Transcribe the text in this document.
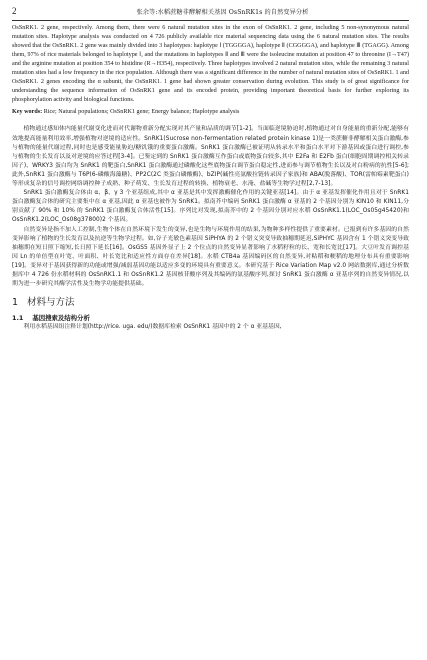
2	张余等:水稻蔗糖非酵解相关基因 OsSnRK1s 的自然变异分析

OsSnRK1. 2 gene, respectively. Among them, there were 6 natural mutation sites in the exon of OsSnRK1. 2 gene, including 5 non-synonymous natural mutation sites. Haplotype analysis was conducted on 4 726 publicly available rice material sequencing data using the 6 natural mutation sites. The results showed that the OsSnRK1. 2 gene was mainly divided into 3 haplotypes: haplotype Ⅰ (TGGGGA), haplotype Ⅱ (CGGGGA), and haplotype Ⅲ (TGAGG). Among them, 97% of rice materials belonged to haplotype Ⅰ, and the mutations in haplotypes Ⅱ and Ⅲ were the isoleucine mutation at position 47 to threonine (I→T47) and the arginine mutation at position 354 to histidine (R→H354), respectively. Three haplotypes involved 2 natural mutation sites, while the remaining 3 natural mutation sites had a low frequency in the rice population. Although there was a significant difference in the number of natural mutation sites of OsSnRK1. 1 and OsSnRK1. 2 genes encoding the α subunit, the OsSnRK1. 1 gene had shown greater conservation during evolution. This study is of great significance for understanding the sequence information of OsSnRK1 gene and its encoded protein, providing important theoretical basis for further exploring its phosphorylation activity and biological functions.

Key words: Rice; Natural populations; OsSnRK1 gene; Energy balance; Haplotype analysis

植物通过感知体内能量代谢变化进而对代谢物重新分配实现对其产量和品质的调节[1-2]。当面临逆境胁迫时,植物通过对自身能量的重新分配,能够有效地提高能量利用效率,增强植物对逆境的适应性。SnRK1(Sucrose non-fermentation related protein kinase 1)是一类蔗糖非酵解相关蛋白激酶,参与植物的能量代谢过程,同时也是感受能量胁迫/糖饥饿的重要蛋白激酶。SnRK1 蛋白激酶已被证明从转录水平和蛋白水平对下游基因或蛋白进行调控,参与植物的生长发育以及对逆境的应答过程[3-4]。已鉴定到的 SnRK1 蛋白激酶互作蛋白或底物蛋白较多,其中 E2Fa 和 E2Fb 蛋白(细胞周期调控相关转录因子)、WRKY3 蛋白均为 SnRK1 的靶蛋白,SnRK1 蛋白激酶通过磷酸化这些底物蛋白调节蛋白稳定性,进而参与调节植物生长以及对白粉病的抗性[5-6];此外,SnRK1 蛋白激酶与 T6P(6-磷酸海藻糖)、PP2C(2C 类蛋白磷酸酶)、bZIP(碱性亮氨酸拉链转录因子家族)和 ABA(脱落酸)、TOR(雷帕霉素靶蛋白)等形成复杂的信号调控网络调控种子成熟、种子萌发、生长发育过程的转换、植物衰老、水淹、盐碱等生物学过程[2,7-13]。

SnRK1 蛋白激酶复合体由 α、β、γ 3 个亚基组成,其中 α 亚基是其中发挥激酶催化作用的关键亚基[14]。由于 α 亚基发挥催化作用且对于 SnRK1 蛋白激酶复合体的研究主要集中在 α 亚基,因此 α 亚基也被作为 SnRK1。拟南芥中编码 SnRK1 蛋白激酶 α 亚基的 2 个基因分别为 KIN10 和 KIN11,分别贡献了 90% 和 10% 的 SnRK1 蛋白激酶复合体活性[15]。序列比对发现,拟南芥中的 2 个基因分别对应水稻 OsSnRK1.1(LOC_Os05g45420)和 OsSnRK1.2(LOC_Os08g37800)2 个基因。

自然变异是指不加人工控制,生物个体在自然环境下发生的变异,也是生物与环境作用的结果,为物种多样性提供了重要素材。已报到有许多基因的自然变异影响了植物的生长发育以及抗逆等生物学过程。如,谷子光敏色素基因 SiPHYA 的 2 个错义突变导致抽穗期延迟,SiPHYC 基因含有 1 个错义突变导致抽穗期在短日照下缩短,长日照下延长[16]。OsGS5 基因外显子上 2 个位点的自然变异显著影响了水稻籽粒的长、宽和长宽比[17]。大豆叶发育调控基因 Ln 的单倍型在叶宽、叶面积、叶长宽比和适应性方面存在差异[18]。水稻 CTB4a 基因编码区的自然变异,对粘稻和粳稻的地理分布具有重要影响[19]。变异对于基因获得新的功能或增强/减弱基因功能以适应多变的环境具有重要意义。本研究基于 Rice Variation Map v2.0 网站数据库,通过分析数据库中 4 726 份水稻材料的 OsSnRK1.1 和 OsSnRK1.2 基因核苷酸序列及其编码的氨基酸序列,探讨 SnRK1 蛋白激酶 α 亚基序列的自然变异情况,以期为进一步研究其酶学活性及生物学功能提供基础。

1 材料与方法
1.1 基因搜索及结构分析

利用水稻基因组注释计划(http://rice. uga. edu/)数据库检索 OsSnRK1 基因中的 2 个 α 亚基基因,
